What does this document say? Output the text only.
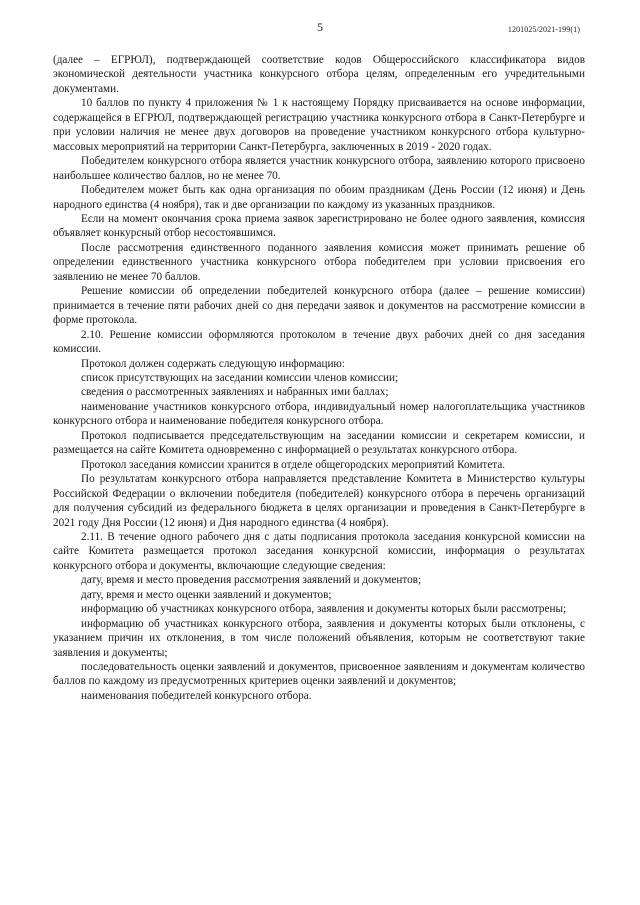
5	1201025/2021-199(1)

(далее – ЕГРЮЛ), подтверждающей соответствие кодов Общероссийского классификатора видов экономической деятельности участника конкурсного отбора целям, определенным его учредительными документами.

10 баллов по пункту 4 приложения № 1 к настоящему Порядку присваивается на основе информации, содержащейся в ЕГРЮЛ, подтверждающей регистрацию участника конкурсного отбора в Санкт-Петербурге и при условии наличия не менее двух договоров на проведение участником конкурсного отбора культурно-массовых мероприятий на территории Санкт-Петербурга, заключенных в 2019 - 2020 годах.

Победителем конкурсного отбора является участник конкурсного отбора, заявлению которого присвоено наибольшее количество баллов, но не менее 70.

Победителем может быть как одна организация по обоим праздникам (День России (12 июня) и День народного единства (4 ноября), так и две организации по каждому из указанных праздников.

Если на момент окончания срока приема заявок зарегистрировано не более одного заявления, комиссия объявляет конкурсный отбор несостоявшимся.

После рассмотрения единственного поданного заявления комиссия может принимать решение об определении единственного участника конкурсного отбора победителем при условии присвоения его заявлению не менее 70 баллов.

Решение комиссии об определении победителей конкурсного отбора (далее – решение комиссии) принимается в течение пяти рабочих дней со дня передачи заявок и документов на рассмотрение комиссии в форме протокола.

2.10. Решение комиссии оформляются протоколом в течение двух рабочих дней со дня заседания комиссии.

Протокол должен содержать следующую информацию:

список присутствующих на заседании комиссии членов комиссии;

сведения о рассмотренных заявлениях и набранных ими баллах;

наименование участников конкурсного отбора, индивидуальный номер налогоплательщика участников конкурсного отбора и наименование победителя конкурсного отбора.

Протокол подписывается председательствующим на заседании комиссии и секретарем комиссии, и размещается на сайте Комитета одновременно с информацией о результатах конкурсного отбора.

Протокол заседания комиссии хранится в отделе общегородских мероприятий Комитета.

По результатам конкурсного отбора направляется представление Комитета в Министерство культуры Российской Федерации о включении победителя (победителей) конкурсного отбора в перечень организаций для получения субсидий из федерального бюджета в целях организации и проведения в Санкт-Петербурге в 2021 году Дня России (12 июня) и Дня народного единства (4 ноября).

2.11. В течение одного рабочего дня с даты подписания протокола заседания конкурсной комиссии на сайте Комитета размещается протокол заседания конкурсной комиссии, информация о результатах конкурсного отбора и документы, включающие следующие сведения:

дату, время и место проведения рассмотрения заявлений и документов;

дату, время и место оценки заявлений и документов;

информацию об участниках конкурсного отбора, заявления и документы которых были рассмотрены;

информацию об участниках конкурсного отбора, заявления и документы которых были отклонены, с указанием причин их отклонения, в том числе положений объявления, которым не соответствуют такие заявления и документы;

последовательность оценки заявлений и документов, присвоенное заявлениям и документам количество баллов по каждому из предусмотренных критериев оценки заявлений и документов;

наименования победителей конкурсного отбора.
